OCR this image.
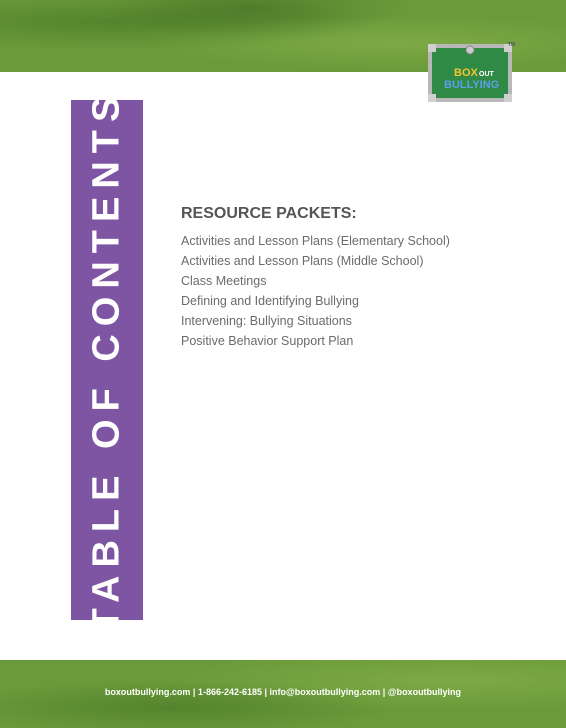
BOX OUT
BULLYING
TM
TABLE OF CONTENTS	RESOURCE PACKETS:
Activities and Lesson Plans (Elementary School)
Activities and Lesson Plans (Middle School)
Class Meetings
Defining and Identifying Bullying
Intervening: Bullying Situations
Positive Behavior Support Plan
boxoutbullying.com | 1-866-242-6185 | info@boxoutbullying.com | @boxoutbullying
